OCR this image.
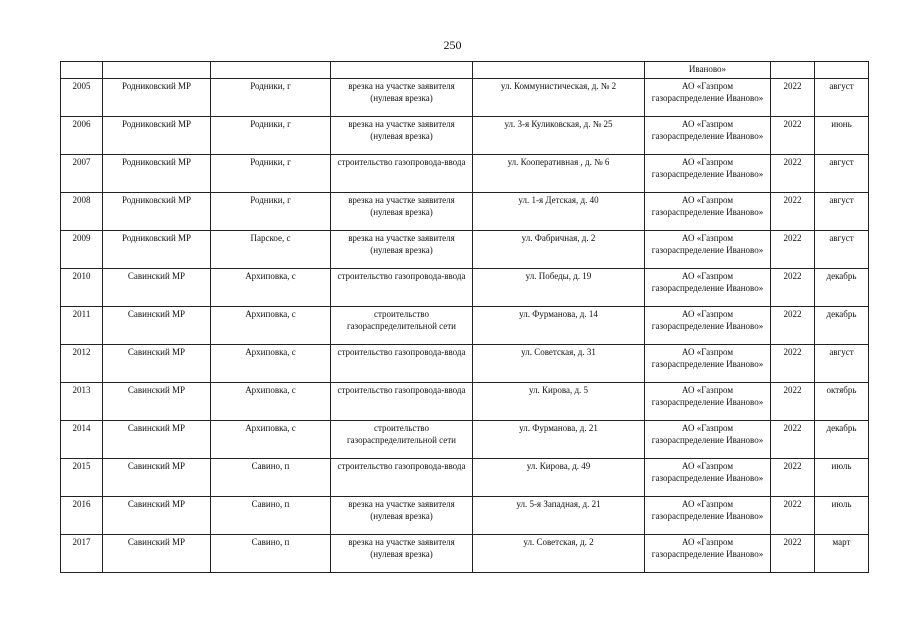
250
					Иваново»		
2005	Родниковский МР	Родники, г	врезка на участке заявителя (нулевая врезка)	ул. Коммунистическая, д. № 2	АО «Газпром газораспределение Иваново»	2022	август
2006	Родниковский МР	Родники, г	врезка на участке заявителя (нулевая врезка)	ул. 3-я Куликовская, д. № 25	АО «Газпром газораспределение Иваново»	2022	июнь
2007	Родниковский МР	Родники, г	строительство газопровода-ввода	ул. Кооперативная , д. № 6	АО «Газпром газораспределение Иваново»	2022	август
2008	Родниковский МР	Родники, г	врезка на участке заявителя (нулевая врезка)	ул. 1-я Детская, д. 40	АО «Газпром газораспределение Иваново»	2022	август
2009	Родниковский МР	Парское, с	врезка на участке заявителя (нулевая врезка)	ул. Фабричная, д. 2	АО «Газпром газораспределение Иваново»	2022	август
2010	Савинский МР	Архиповка, с	строительство газопровода-ввода	ул. Победы, д. 19	АО «Газпром газораспределение Иваново»	2022	декабрь
2011	Савинский МР	Архиповка, с	строительство газораспределительной сети	ул. Фурманова, д. 14	АО «Газпром газораспределение Иваново»	2022	декабрь
2012	Савинский МР	Архиповка, с	строительство газопровода-ввода	ул. Советская, д. 31	АО «Газпром газораспределение Иваново»	2022	август
2013	Савинский МР	Архиповка, с	строительство газопровода-ввода	ул. Кирова, д. 5	АО «Газпром газораспределение Иваново»	2022	октябрь
2014	Савинский МР	Архиповка, с	строительство газораспределительной сети	ул. Фурманова, д. 21	АО «Газпром газораспределение Иваново»	2022	декабрь
2015	Савинский МР	Савино, п	строительство газопровода-ввода	ул. Кирова, д. 49	АО «Газпром газораспределение Иваново»	2022	июль
2016	Савинский МР	Савино, п	врезка на участке заявителя (нулевая врезка)	ул. 5-я Западная, д. 21	АО «Газпром газораспределение Иваново»	2022	июль
2017	Савинский МР	Савино, п	врезка на участке заявителя (нулевая врезка)	ул. Советская, д. 2	АО «Газпром газораспределение Иваново»	2022	март
